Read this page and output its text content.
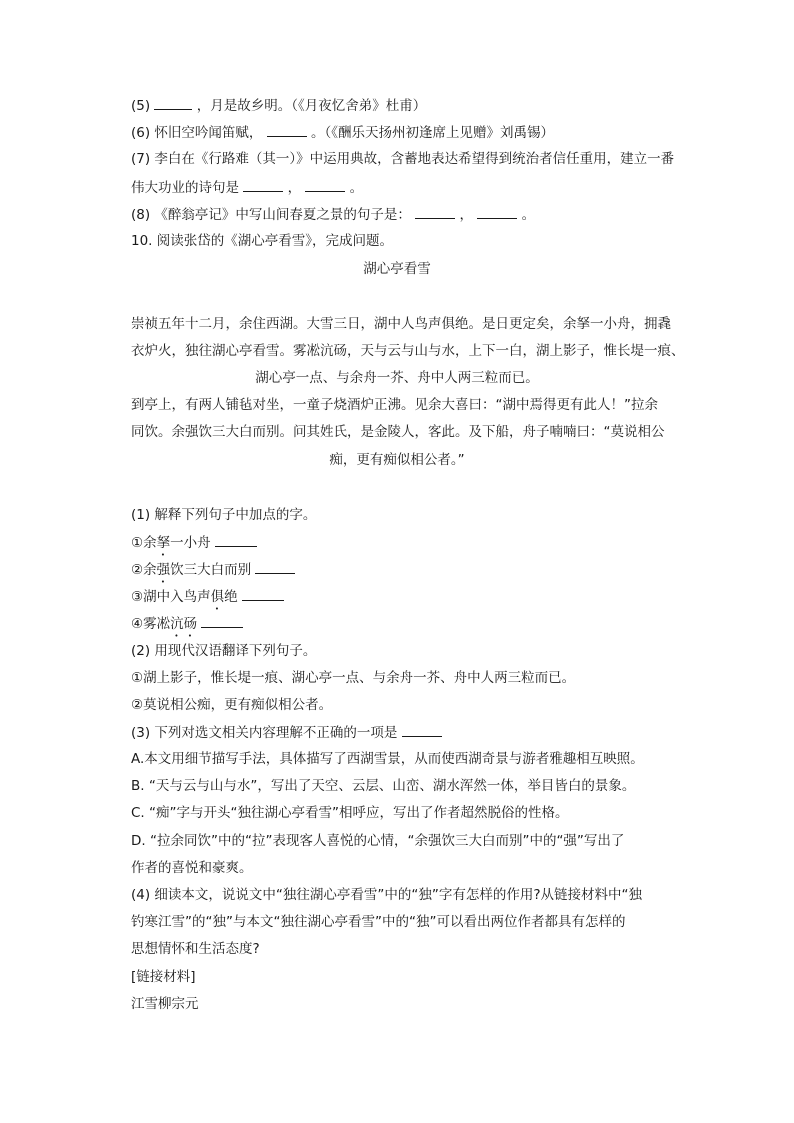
(5)	，月是故乡明。（《月夜忆舍弟》杜甫）
(6) 怀旧空吟闻笛赋，	。（《酬乐天扬州初逢席上见赠》刘禹锡）
(7) 李白在《行路难（其一）》中运用典故，含蓄地表达希望得到统治者信任重用，建立一番
伟大功业的诗句是	，	。
(8) 《醉翁亭记》中写山间春夏之景的句子是：	，	。
10. 阅读张岱的《湖心亭看雪》，完成问题。
湖心亭看雪
崇祯五年十二月，余住西湖。大雪三日，湖中人鸟声俱绝。是日更定矣，余拏一小舟，拥毳
衣炉火，独往湖心亭看雪。雾凇沆砀，天与云与山与水，上下一白，湖上影子，惟长堤一痕、
湖心亭一点、与余舟一芥、舟中人两三粒而已。
到亭上，有两人铺毡对坐，一童子烧酒炉正沸。见余大喜曰：“湖中焉得更有此人！”拉余
同饮。余强饮三大白而别。问其姓氏，是金陵人，客此。及下船，舟子喃喃曰：“莫说相公
痴，更有痴似相公者。”
(1) 解释下列句子中加点的字。
①余拏一小舟
②余强饮三大白而别
③湖中入鸟声俱绝
④雾凇沆砀
(2) 用现代汉语翻译下列句子。
①湖上影子，惟长堤一痕、湖心亭一点、与余舟一芥、舟中人两三粒而已。
②莫说相公痴，更有痴似相公者。
(3) 下列对选文相关内容理解不正确的一项是
A.本文用细节描写手法，具体描写了西湖雪景，从而使西湖奇景与游者雅趣相互映照。
B. “天与云与山与水”，写出了天空、云层、山峦、湖水浑然一体，举目皆白的景象。
C. “痴”字与开头“独往湖心亭看雪”相呼应，写出了作者超然脱俗的性格。
D. “拉余同饮”中的“拉”表现客人喜悦的心情，“余强饮三大白而别”中的“强”写出了
作者的喜悦和豪爽。
(4) 细读本文，说说文中“独往湖心亭看雪”中的“独”字有怎样的作用?从链接材料中“独
钓寒江雪”的“独”与本文“独往湖心亭看雪”中的“独”可以看出两位作者都具有怎样的
思想情怀和生活态度?
[链接材料]
江雪柳宗元
